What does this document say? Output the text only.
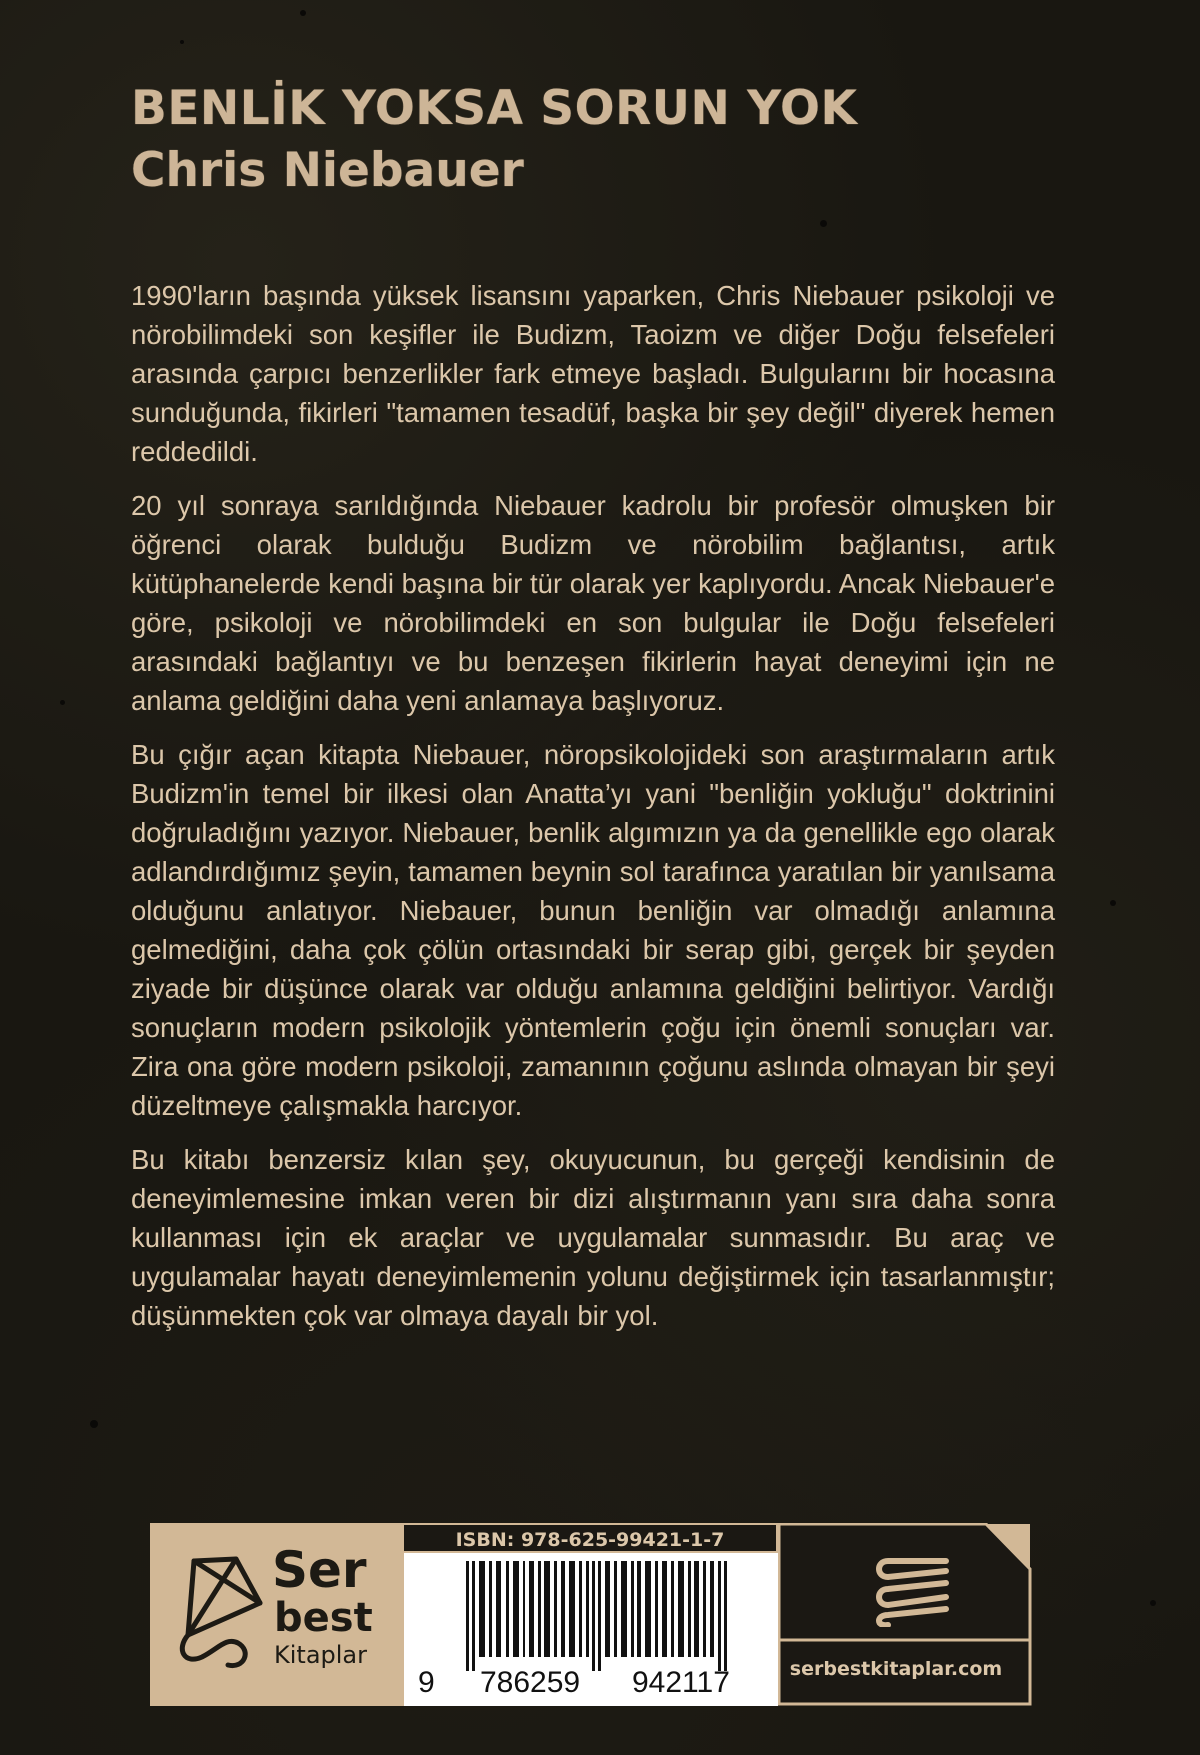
BENLİK YOKSA SORUN YOK
Chris Niebauer

1990'ların başında yüksek lisansını yaparken, Chris Niebauer psikoloji ve nörobilimdeki son keşifler ile Budizm, Taoizm ve diğer Doğu felsefeleri arasında çarpıcı benzerlikler fark etmeye başladı. Bulgularını bir hocasına sunduğunda, fikirleri "tamamen tesadüf, başka bir şey değil" diyerek hemen reddedildi.

20 yıl sonraya sarıldığında Niebauer kadrolu bir profesör olmuşken bir öğrenci olarak bulduğu Budizm ve nörobilim bağlantısı, artık kütüphanelerde kendi başına bir tür olarak yer kaplıyordu. Ancak Niebauer'e göre, psikoloji ve nörobilimdeki en son bulgular ile Doğu felsefeleri arasındaki bağlantıyı ve bu benzeşen fikirlerin hayat deneyimi için ne anlama geldiğini daha yeni anlamaya başlıyoruz.

Bu çığır açan kitapta Niebauer, nöropsikolojideki son araştırmaların artık Budizm'in temel bir ilkesi olan Anatta’yı yani "benliğin yokluğu" doktrinini doğruladığını yazıyor. Niebauer, benlik algımızın ya da genellikle ego olarak adlandırdığımız şeyin, tamamen beynin sol tarafınca yaratılan bir yanılsama olduğunu anlatıyor. Niebauer, bunun benliğin var olmadığı anlamına gelmediğini, daha çok çölün ortasındaki bir serap gibi, gerçek bir şeyden ziyade bir düşünce olarak var olduğu anlamına geldiğini belirtiyor. Vardığı sonuçların modern psikolojik yöntemlerin çoğu için önemli sonuçları var. Zira ona göre modern psikoloji, zamanının çoğunu aslında olmayan bir şeyi düzeltmeye çalışmakla harcıyor.

Bu kitabı benzersiz kılan şey, okuyucunun, bu gerçeği kendisinin de deneyimlemesine imkan veren bir dizi alıştırmanın yanı sıra daha sonra kullanması için ek araçlar ve uygulamalar sunmasıdır. Bu araç ve uygulamalar hayatı deneyimlemenin yolunu değiştirmek için tasarlanmıştır; düşünmekten çok var olmaya dayalı bir yol.

Ser
best
Kitaplar
ISBN: 978-625-99421-1-7
9 786259 942117	serbestkitaplar.com
